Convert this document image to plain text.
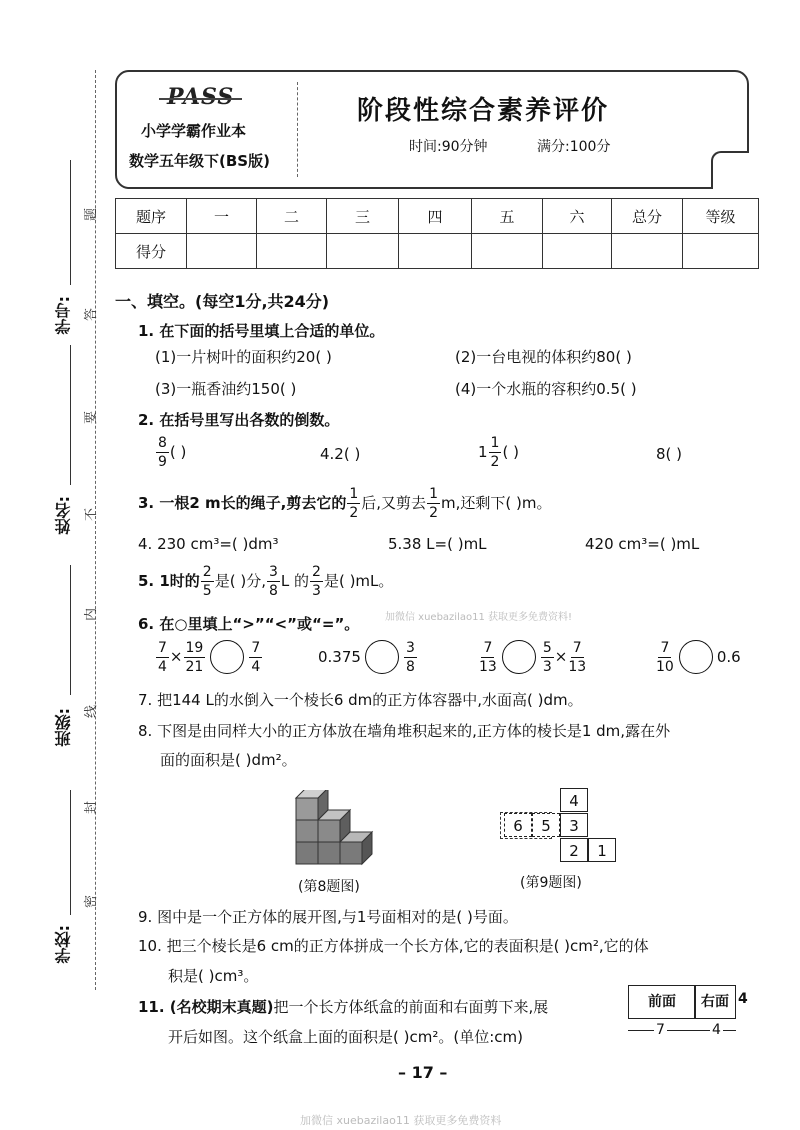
学号:
姓名:
班级:
学校:
题
答
要
不
内
线
封
密
PASS
小学学霸作业本
数学五年级下(BS版)
阶段性综合素养评价
时间:90分钟	满分:100分
题序	一	二	三	四	五	六	总分	等级
得分								
一、填空。(每空1分,共24分)
1. 在下面的括号里填上合适的单位。
(1)一片树叶的面积约20( )	(2)一台电视的体积约80( )
(3)一瓶香油约150( )	(4)一个水瓶的容积约0.5( )
2. 在括号里写出各数的倒数。
$\frac{8}{9}$ ( )	4.2( )	$1 \frac{1}{2}$ ( )	8( )
3. 一根2 m长的绳子,剪去它的 $\frac{1}{2}$ 后,又剪去 $\frac{1}{2} m$,还剩下( )m。
4. 230 cm³=( )dm³	5.38 L=( )mL	420 cm³=( )mL
5. 1时的 $\frac{2}{5}$ 是( )分, $\frac{3}{8}$ L 的 $\frac{2}{3}$ 是( )mL。
加微信 xuebazilao11 获取更多免费资料!
6. 在○里填上“>”“<”或“=”。
$\frac{7}{4} \times \frac{19}{21}$	$\frac{7}{4}$	0.375	$\frac{3}{8}$	$\frac{7}{13}$	$\frac{5}{3} \times \frac{7}{13}$	$\frac{7}{10}$	0.6
7. 把144 L的水倒入一个棱长6 dm的正方体容器中,水面高( )dm。
8. 下图是由同样大小的正方体放在墙角堆积起来的,正方体的棱长是1 dm,露在外
面的面积是( )dm²。
(第8题图)
4
6	5	3
2	1
(第9题图)
9. 图中是一个正方体的展开图,与1号面相对的是( )号面。
10. 把三个棱长是6 cm的正方体拼成一个长方体,它的表面积是( )cm²,它的体
积是( )cm³。
11. (名校期末真题)把一个长方体纸盒的前面和右面剪下来,展
开后如图。这个纸盒上面的面积是( )cm²。(单位:cm)
前面	右面 4
7	4
– 17 –
加微信 xuebazilao11 获取更多免费资料
